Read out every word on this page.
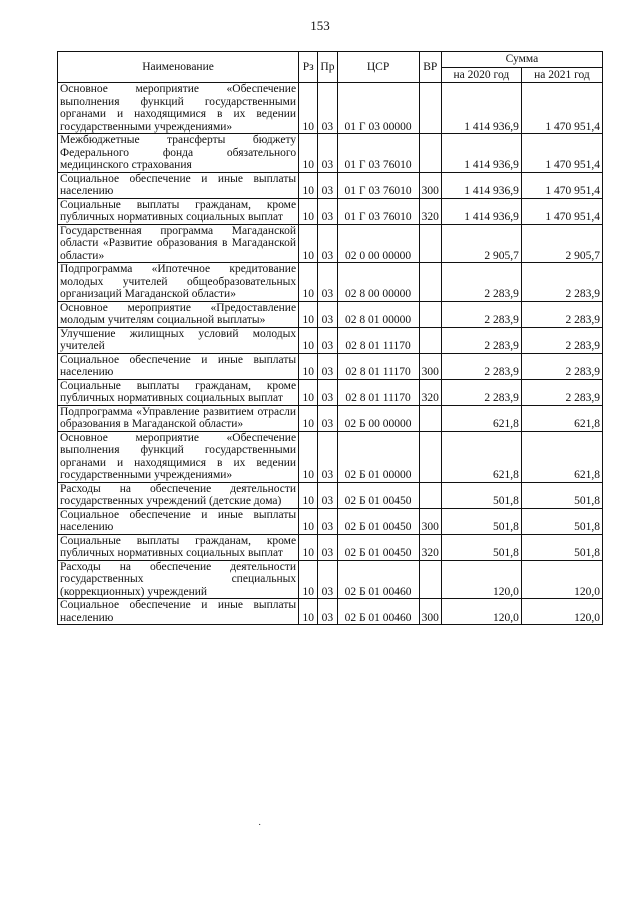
153
Наименование	Рз	Пр	ЦСР	ВР	Сумма	
					на 2020 год	на 2021 год
Основное мероприятие «Обеспечение выполнения функций государственными органами и находящимися в их ведении государственными учреждениями»	10	03	01 Г 03 00000		1 414 936,9	1 470 951,4
Межбюджетные трансферты бюджету Федерального фонда обязательного медицинского страхования	10	03	01 Г 03 76010		1 414 936,9	1 470 951,4
Социальное обеспечение и иные выплаты населению	10	03	01 Г 03 76010	300	1 414 936,9	1 470 951,4
Социальные выплаты гражданам, кроме публичных нормативных социальных выплат	10	03	01 Г 03 76010	320	1 414 936,9	1 470 951,4
Государственная программа Магаданской области «Развитие образования в Магаданской области»	10	03	02 0 00 00000		2 905,7	2 905,7
Подпрограмма «Ипотечное кредитование молодых учителей общеобразовательных организаций Магаданской области»	10	03	02 8 00 00000		2 283,9	2 283,9
Основное мероприятие «Предоставление молодым учителям социальной выплаты»	10	03	02 8 01 00000		2 283,9	2 283,9
Улучшение жилищных условий молодых учителей	10	03	02 8 01 11170		2 283,9	2 283,9
Социальное обеспечение и иные выплаты населению	10	03	02 8 01 11170	300	2 283,9	2 283,9
Социальные выплаты гражданам, кроме публичных нормативных социальных выплат	10	03	02 8 01 11170	320	2 283,9	2 283,9
Подпрограмма «Управление развитием отрасли образования в Магаданской области»	10	03	02 Б 00 00000		621,8	621,8
Основное мероприятие «Обеспечение выполнения функций государственными органами и находящимися в их ведении государственными учреждениями»	10	03	02 Б 01 00000		621,8	621,8
Расходы на обеспечение деятельности государственных учреждений (детские дома)	10	03	02 Б 01 00450		501,8	501,8
Социальное обеспечение и иные выплаты населению	10	03	02 Б 01 00450	300	501,8	501,8
Социальные выплаты гражданам, кроме публичных нормативных социальных выплат	10	03	02 Б 01 00450	320	501,8	501,8
Расходы на обеспечение деятельности государственных специальных (коррекционных) учреждений	10	03	02 Б 01 00460		120,0	120,0
Социальное обеспечение и иные выплаты населению	10	03	02 Б 01 00460	300	120,0	120,0
˙
